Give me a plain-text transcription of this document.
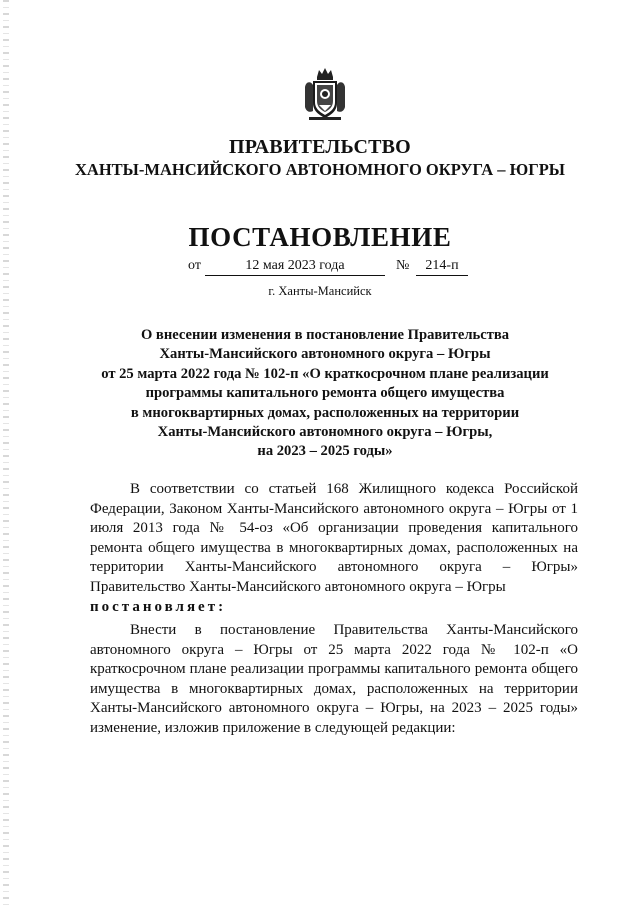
ПРАВИТЕЛЬСТВО
ХАНТЫ-МАНСИЙСКОГО АВТОНОМНОГО ОКРУГА – ЮГРЫ
ПОСТАНОВЛЕНИЕ
от	12 мая 2023 года	№	214-п
г. Ханты-Мансийск
О внесении изменения в постановление Правительства
Ханты-Мансийского автономного округа – Югры
от 25 марта 2022 года № 102-п «О краткосрочном плане реализации
программы капитального ремонта общего имущества
в многоквартирных домах, расположенных на территории
Ханты-Мансийского автономного округа – Югры,
на 2023 – 2025 годы»

В соответствии со статьей 168 Жилищного кодекса Российской Федерации, Законом Ханты-Мансийского автономного округа – Югры от 1 июля 2013 года № 54-оз «Об организации проведения капитального ремонта общего имущества в многоквартирных домах, расположенных на территории Ханты-Мансийского автономного округа – Югры» Правительство Ханты-Мансийского автономного округа – Югры
постановляет:

Внести в постановление Правительства Ханты-Мансийского автономного округа – Югры от 25 марта 2022 года № 102-п «О краткосрочном плане реализации программы капитального ремонта общего имущества в многоквартирных домах, расположенных на территории Ханты-Мансийского автономного округа – Югры, на 2023 – 2025 годы» изменение, изложив приложение в следующей редакции:
